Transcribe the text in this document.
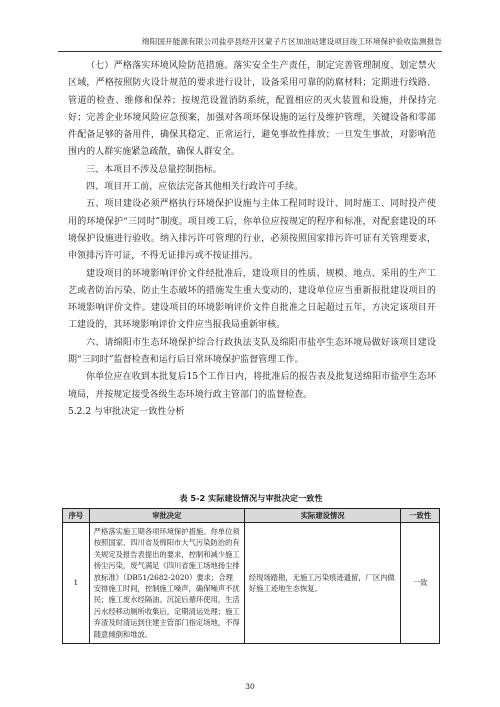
绵阳国开能源有限公司盐亭县经开区蒙子片区加油站建设项目竣工环境保护验收监测报告

（七）严格落实环境风险防范措施。落实安全生产责任，制定完善管理制度、划定禁火区域，严格按照防火设计规范的要求进行设计，设备采用可靠的防腐材料；定期进行线路、管道的检查、维修和保养；按规范设置消防系统，配置相应的灭火装置和设施，并保持完好；完善企业环境风险应急预案，加强对各项环保设施的运行及维护管理，关键设备和零部件配备足够的备用件，确保其稳定、正常运行，避免事故性排放；一旦发生事故，对影响范围内的人群实施紧急疏散，确保人群安全。

三、本项目不涉及总量控制指标。

四、项目开工前，应依法完备其他相关行政许可手续。

五、项目建设必须严格执行环境保护设施与主体工程同时设计、同时施工、同时投产使用的环境保护“三同时”制度。项目竣工后，你单位应按规定的程序和标准，对配套建设的环境保护设施进行验收。纳入排污许可管理的行业，必须按照国家排污许可证有关管理要求，申领排污许可证，不得无证排污或不按证排污。

建设项目的环境影响评价文件经批准后，建设项目的性质、规模、地点、采用的生产工艺或者防治污染、防止生态破坏的措施发生重大变动的，建设单位应当重新报批建设项目的环境影响评价文件。建设项目的环境影响评价文件自批准之日起超过五年，方决定该项目开工建设的，其环境影响评价文件应当报我局重新审核。

六、请绵阳市生态环境保护综合行政执法支队及绵阳市盐亭生态环境局做好该项目建设期“三同时”监督检查和运行后日常环境保护监督管理工作。

你单位应在收到本批复后15个工作日内，将批准后的报告表及批复送绵阳市盐亭生态环境局，并按规定接受各级生态环境行政主管部门的监督检查。

5.2.2 与审批决定一致性分析

表 5-2 实际建设情况与审批决定一致性
序号	审批决定	实际建设情况	一致性
1	严格落实施工期各项环境保护措施。你单位须按照国家、四川省及绵阳市大气污染防治的有关规定及报告表提出的要求，控制和减少施工扬尘污染，废气满足《四川省施工场地扬尘排放标准》（DB51/2682-2020）要求；合理安排施工时间，控制施工噪声，确保噪声不扰民；施工废水经隔油、沉淀后循环使用，生活污水经移动厕所收集后，定期清运处理；施工弃渣及时清运到住建主管部门指定场地，不得随意倾倒和堆放。	经现场踏勘，无施工污染痕迹遗留，厂区内做好施工迹地生态恢复。	一致
30
